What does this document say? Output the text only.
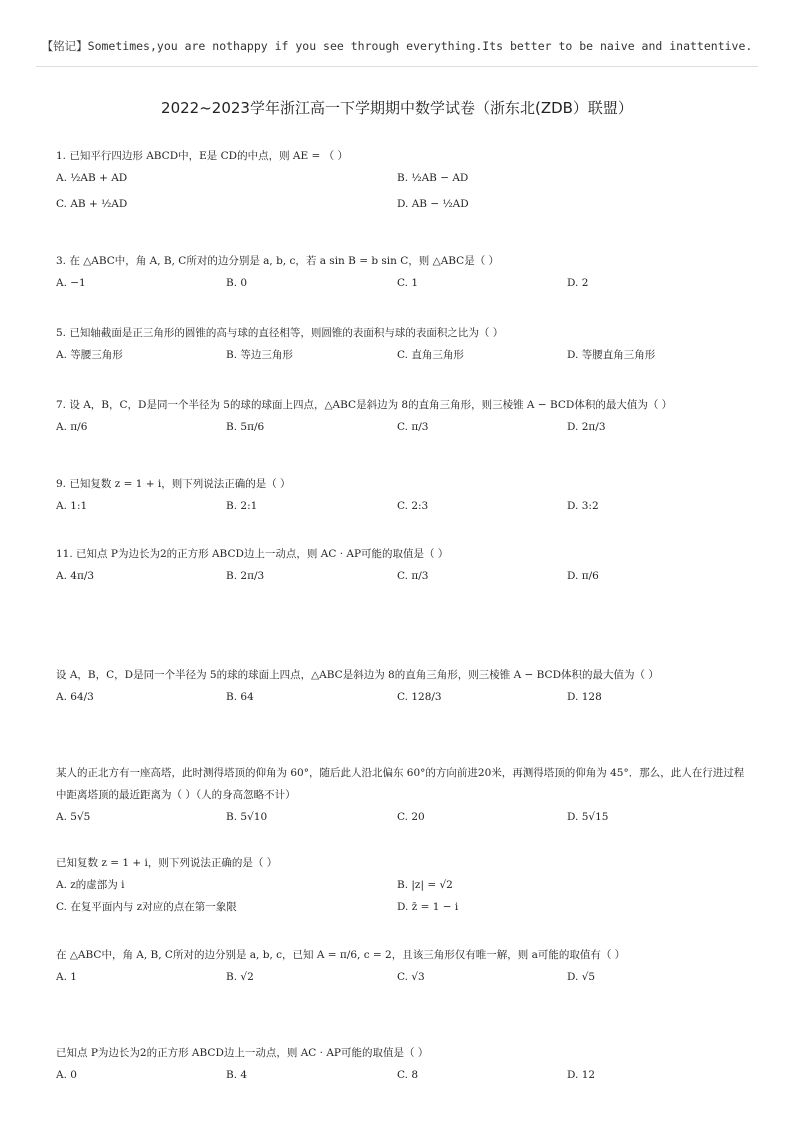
【铭记】Sometimes,you are nothappy if you see through everything.Its better to be naive and inattentive.
2022~2023学年浙江高一下学期期中数学试卷（浙东北(ZDB）联盟）
1. 已知平行四边形 ABCD中，E是 CD的中点，则 AE = （ ）
A. ½AB + AD	B. ½AB − AD
C. AB + ½AD	D. AB − ½AD
3. 在 △ABC中，角 A, B, C所对的边分别是 a, b, c，若 a sin B = b sin C，则 △ABC是（ ）
A. −1	B. 0	C. 1	D. 2
5. 已知轴截面是正三角形的圆锥的高与球的直径相等，则圆锥的表面积与球的表面积之比为（ ）
A. 等腰三角形	B. 等边三角形	C. 直角三角形	D. 等腰直角三角形
7. 设 A，B，C，D是同一个半径为 5的球的球面上四点，△ABC是斜边为 8的直角三角形，则三棱锥 A − BCD体积的最大值为（ ）
A. π/6	B. 5π/6	C. π/3	D. 2π/3
9. 已知复数 z = 1 + i，则下列说法正确的是（ ）
A. 1:1	B. 2:1	C. 2:3	D. 3:2
11. 已知点 P为边长为2的正方形 ABCD边上一动点，则 AC · AP可能的取值是（ ）
A. 4π/3	B. 2π/3	C. π/3	D. π/6
设 A，B，C，D是同一个半径为 5的球的球面上四点，△ABC是斜边为 8的直角三角形，则三棱锥 A − BCD体积的最大值为（ ）
A. 64/3	B. 64	C. 128/3	D. 128
某人的正北方有一座高塔，此时测得塔顶的仰角为 60°，随后此人沿北偏东 60°的方向前进20米，再测得塔顶的仰角为 45°．那么，此人在行进过程中距离塔顶的最近距离为（ ）（人的身高忽略不计）
A. 5√5	B. 5√10	C. 20	D. 5√15
已知复数 z = 1 + i，则下列说法正确的是（ ）
A. z的虚部为 i	B. |z| = √2
C. 在复平面内与 z对应的点在第一象限	D. z̄ = 1 − i
在 △ABC中，角 A, B, C所对的边分别是 a, b, c，已知 A = π/6, c = 2，且该三角形仅有唯一解，则 a可能的取值有（ ）
A. 1	B. √2	C. √3	D. √5
已知点 P为边长为2的正方形 ABCD边上一动点，则 AC · AP可能的取值是（ ）
A. 0	B. 4	C. 8	D. 12
